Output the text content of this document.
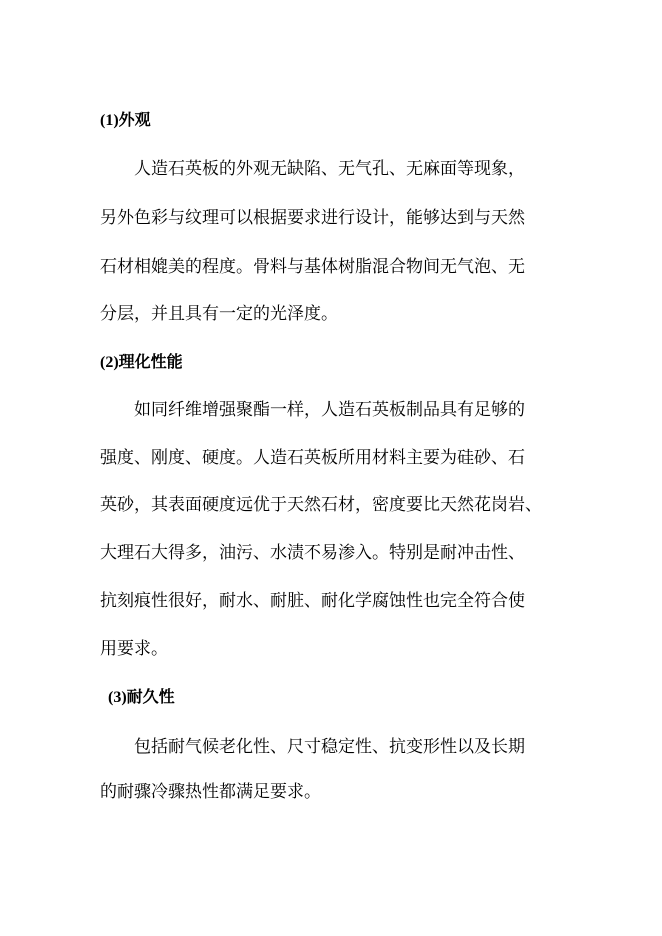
(1)外观
人造石英板的外观无缺陷、无气孔、无麻面等现象，
另外色彩与纹理可以根据要求进行设计，能够达到与天然
石材相媲美的程度。骨料与基体树脂混合物间无气泡、无
分层，并且具有一定的光泽度。
(2)理化性能
如同纤维增强聚酯一样，人造石英板制品具有足够的
强度、刚度、硬度。人造石英板所用材料主要为硅砂、石
英砂，其表面硬度远优于天然石材，密度要比天然花岗岩、
大理石大得多，油污、水渍不易渗入。特别是耐冲击性、
抗刻痕性很好，耐水、耐脏、耐化学腐蚀性也完全符合使
用要求。
(3)耐久性
包括耐气候老化性、尺寸稳定性、抗变形性以及长期
的耐骤冷骤热性都满足要求。
